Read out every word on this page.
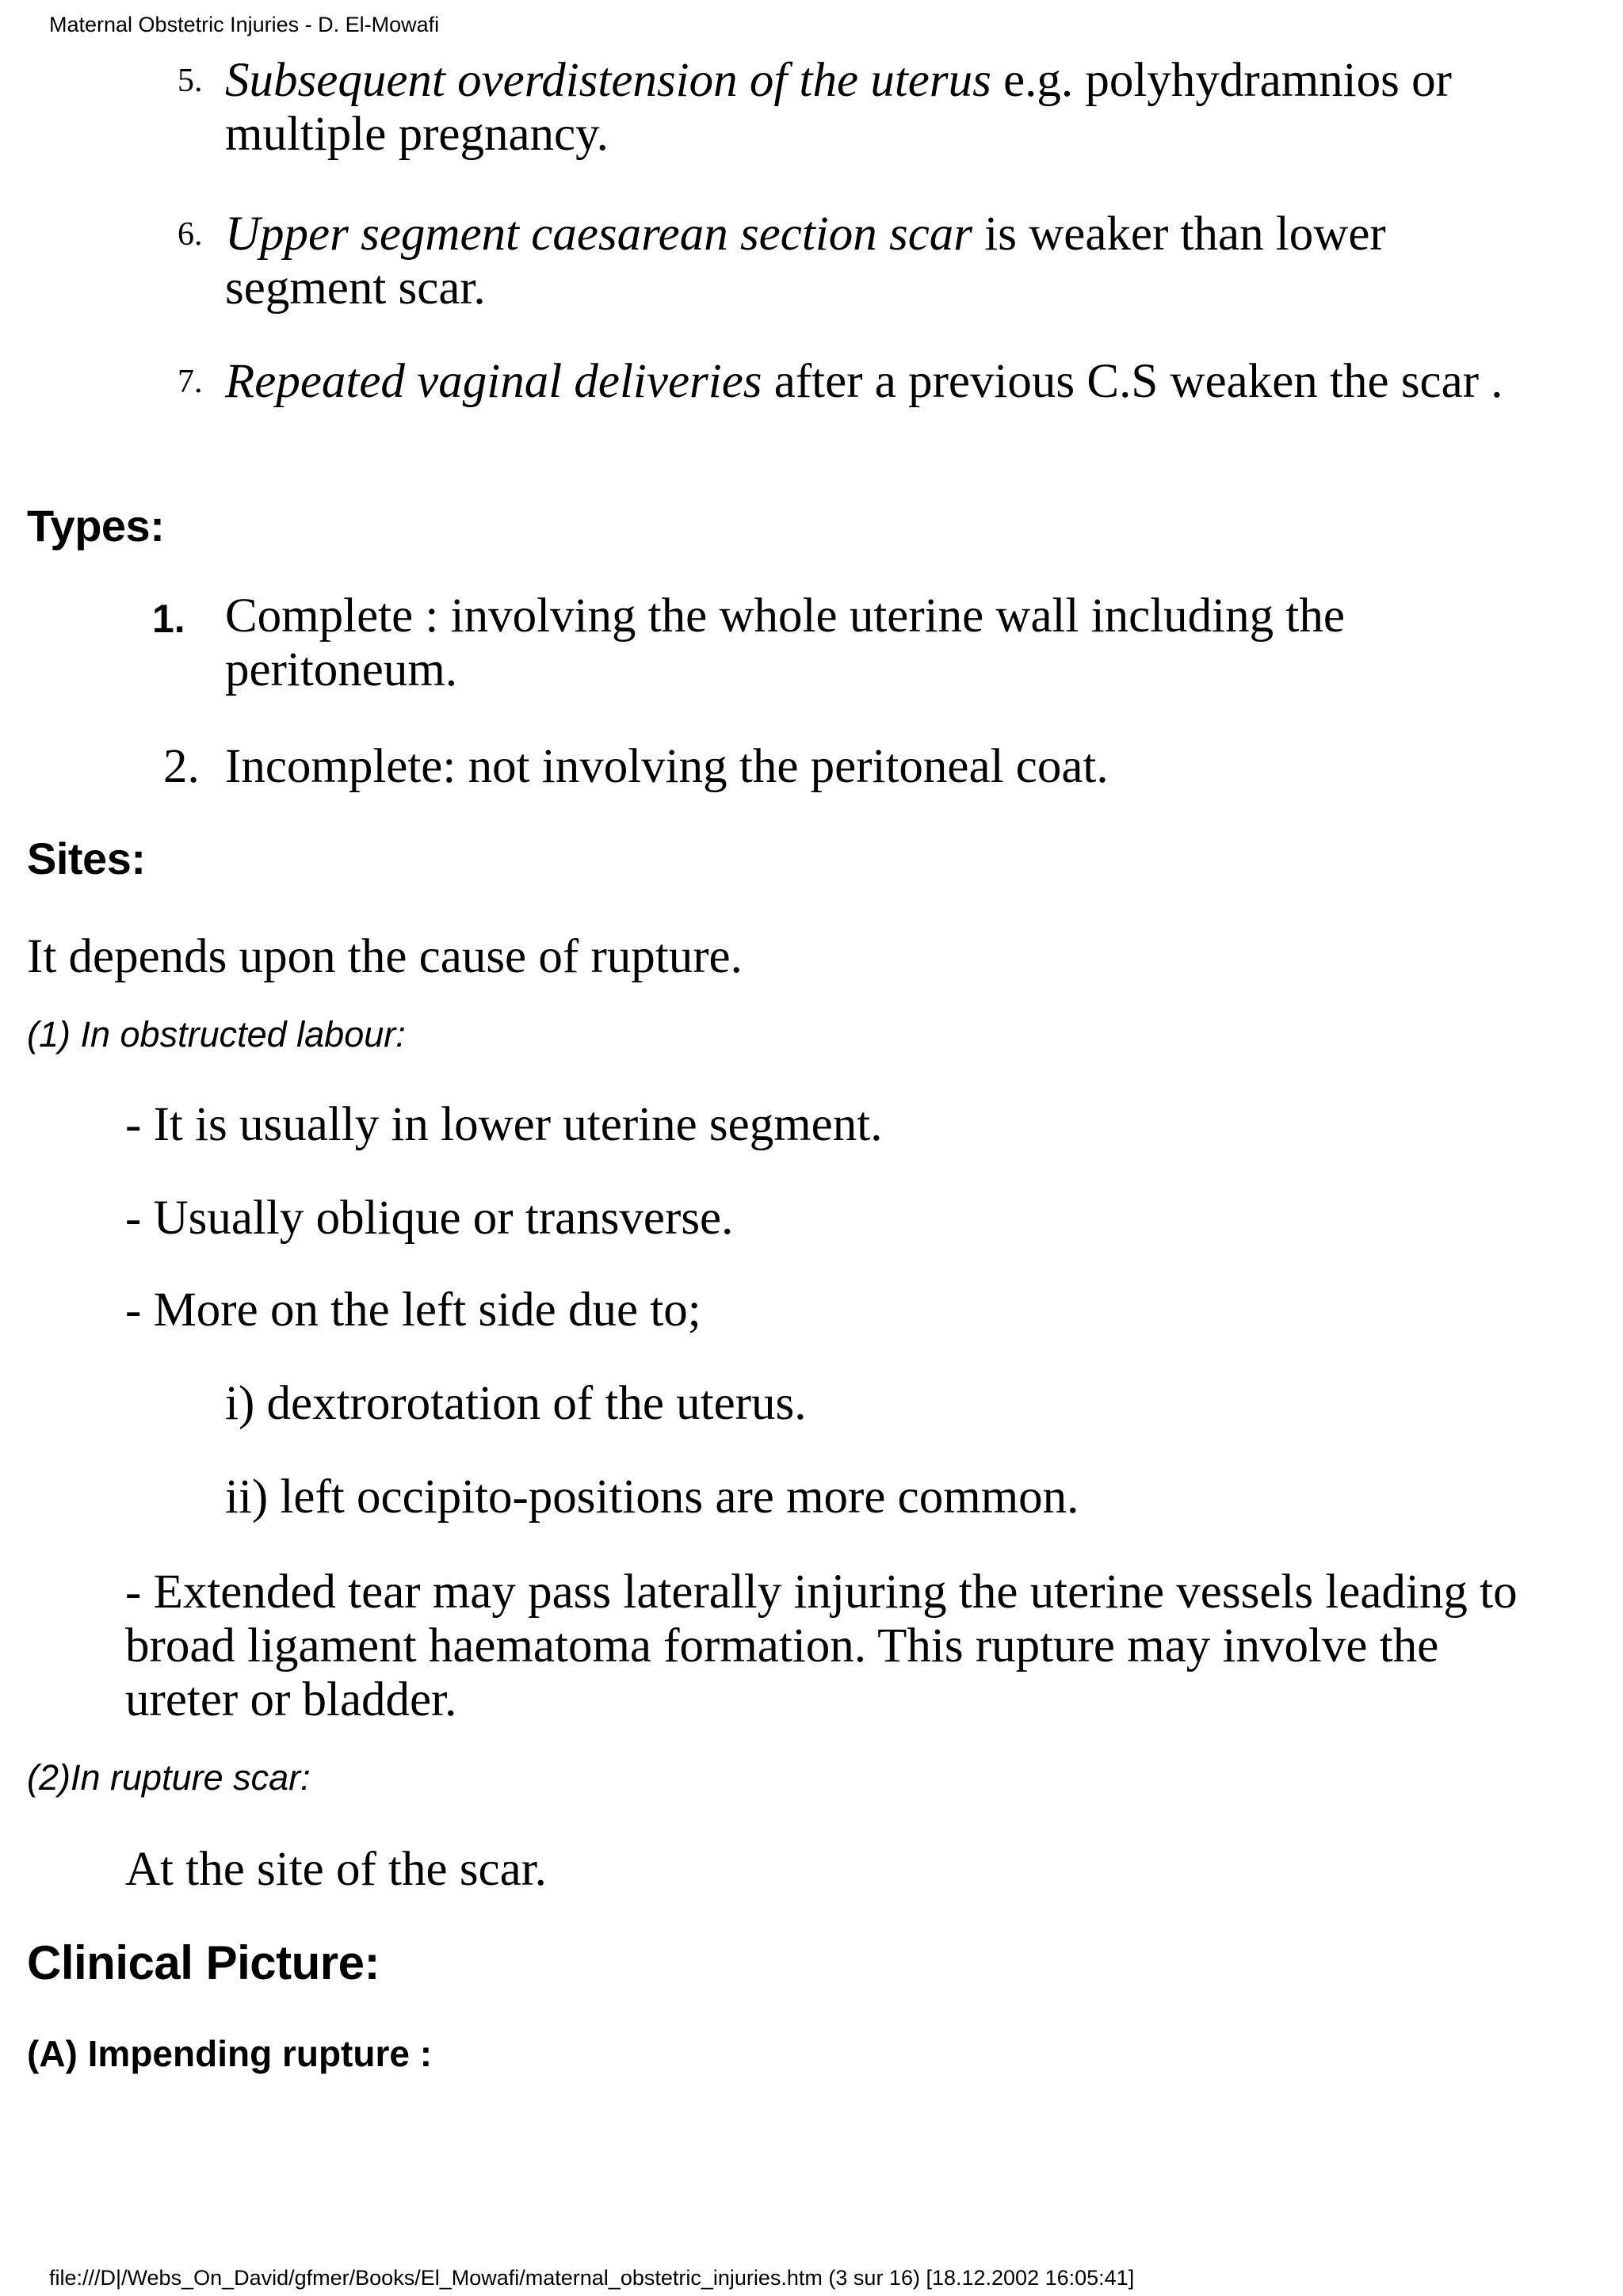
Maternal Obstetric Injuries - D. El-Mowafi
5. Subsequent overdistension of the uterus e.g. polyhydramnios or multiple pregnancy.
6. Upper segment caesarean section scar is weaker than lower segment scar.
7. Repeated vaginal deliveries after a previous C.S weaken the scar .
Types:
1. Complete : involving the whole uterine wall including the peritoneum.
2. Incomplete: not involving the peritoneal coat.
Sites:
It depends upon the cause of rupture.
(1) In obstructed labour:
- It is usually in lower uterine segment.
- Usually oblique or transverse.
- More on the left side due to;
i) dextrorotation of the uterus.
ii) left occipito-positions are more common.
- Extended tear may pass laterally injuring the uterine vessels leading to broad ligament haematoma formation. This rupture may involve the ureter or bladder.
(2)In rupture scar:
At the site of the scar.
Clinical Picture:
(A) Impending rupture :
file:///D|/Webs_On_David/gfmer/Books/El_Mowafi/maternal_obstetric_injuries.htm (3 sur 16) [18.12.2002 16:05:41]
